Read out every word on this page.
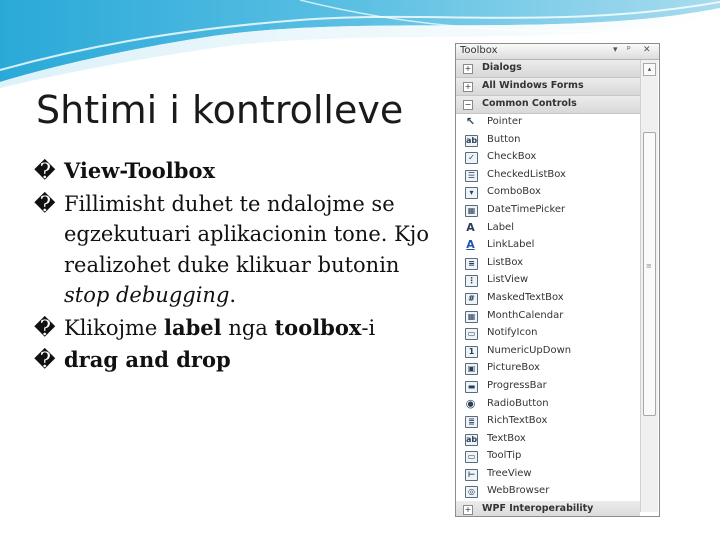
Shtimi i kontrolleve
� View-Toolbox
� Fillimisht duhet te ndalojme se egzekutuari aplikacionin tone. Kjo realizohet duke klikuar butonin stop debugging.
� Klikojme label nga toolbox-i
� drag and drop
Toolbox	▾ ᵖ ✕
+ Dialogs
+ All Windows Forms
− Common Controls
↖ Pointer
ab Button
✓	CheckBox
☰ CheckedListBox
▾	ComboBox
▦ DateTimePicker
A Label
A LinkLabel
≡	ListBox
⋮ ListView
#	MaskedTextBox
▦ MonthCalendar
▭ NotifyIcon
1	NumericUpDown
▣ PictureBox
▬ ProgressBar
◉ RadioButton
≣	RichTextBox
ab TextBox
▭ ToolTip
⊢ TreeView
◎	WebBrowser
+ WPF Interoperability
▴
≡
